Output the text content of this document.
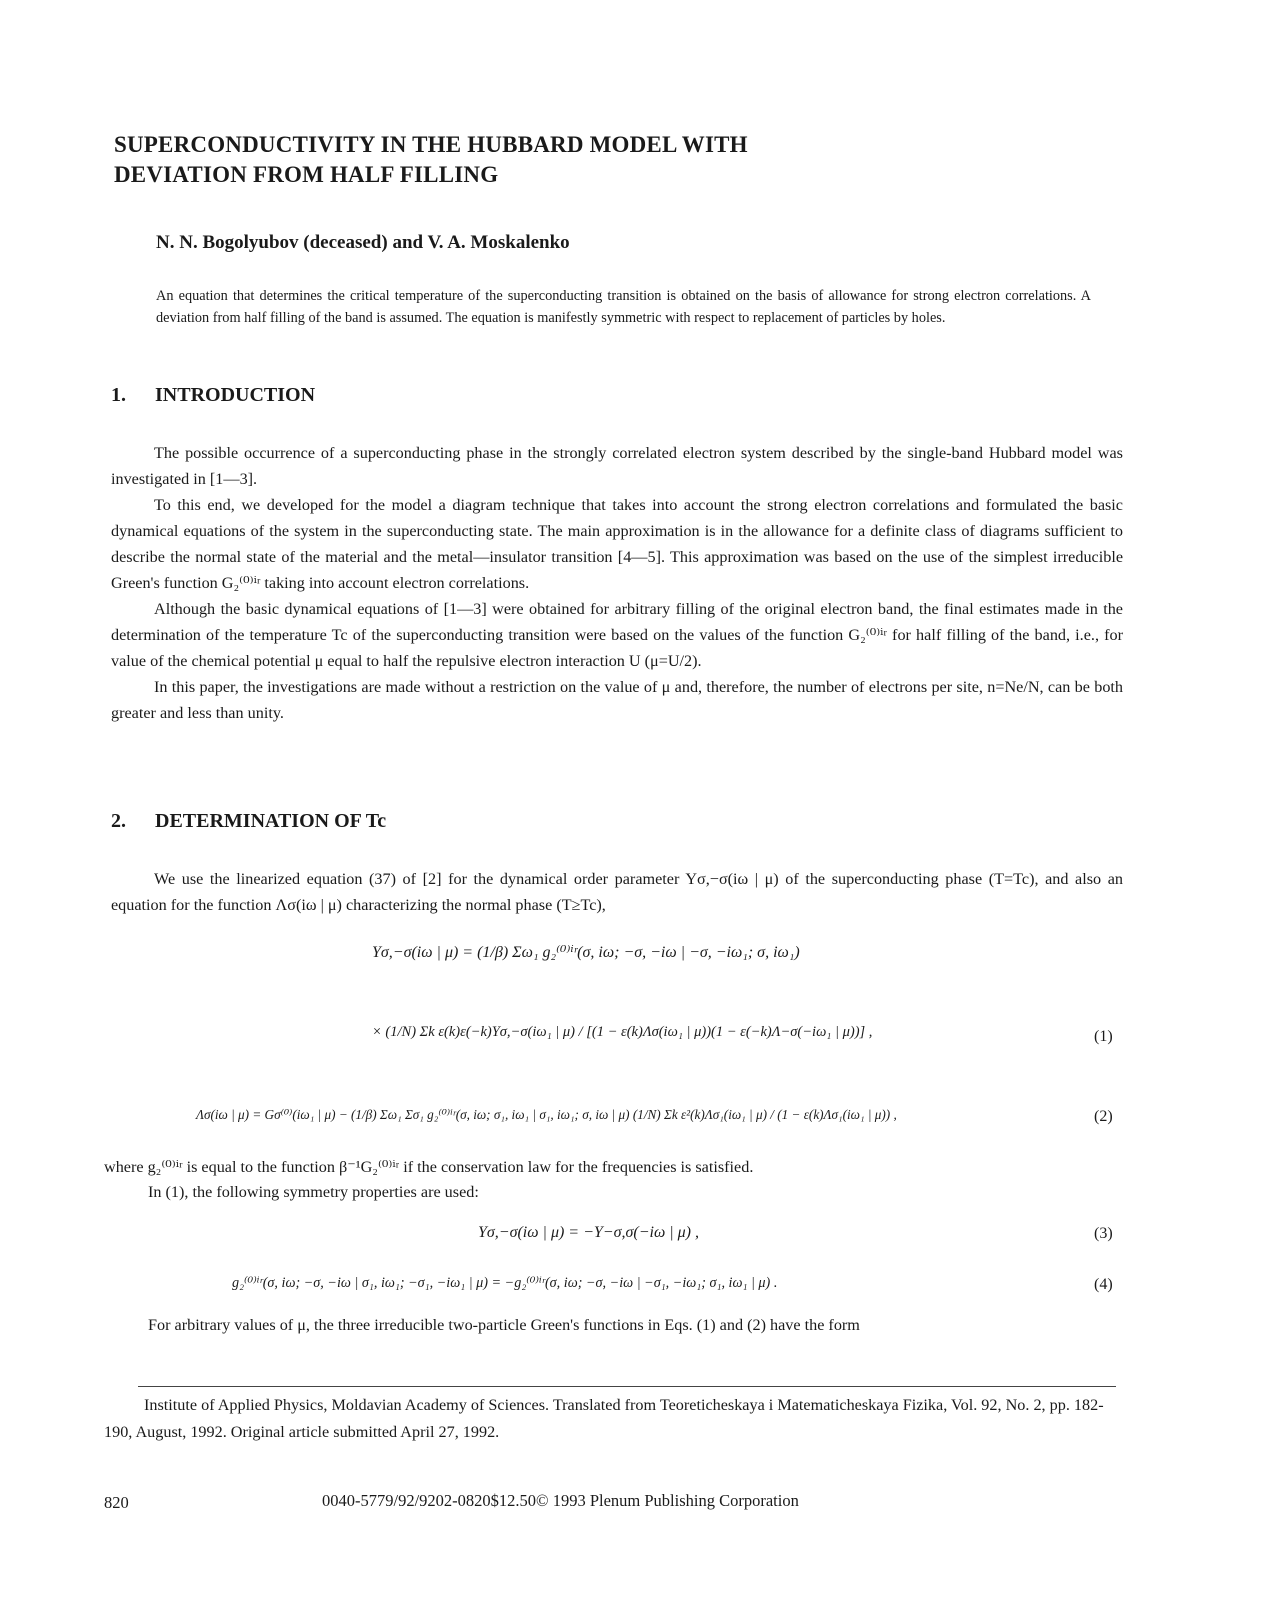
SUPERCONDUCTIVITY IN THE HUBBARD MODEL WITH
DEVIATION FROM HALF FILLING
N. N. Bogolyubov (deceased) and V. A. Moskalenko
An equation that determines the critical temperature of the superconducting transition is obtained on the basis of allowance for strong electron correlations. A deviation from half filling of the band is assumed. The equation is manifestly symmetric with respect to replacement of particles by holes.
1. INTRODUCTION

The possible occurrence of a superconducting phase in the strongly correlated electron system described by the single-band Hubbard model was investigated in [1—3].

To this end, we developed for the model a diagram technique that takes into account the strong electron correlations and formulated the basic dynamical equations of the system in the superconducting state. The main approximation is in the allowance for a definite class of diagrams sufficient to describe the normal state of the material and the metal—insulator transition [4—5]. This approximation was based on the use of the simplest irreducible Green's function G₂⁽⁰⁾ⁱʳ taking into account electron correlations.

Although the basic dynamical equations of [1—3] were obtained for arbitrary filling of the original electron band, the final estimates made in the determination of the temperature Tc of the superconducting transition were based on the values of the function G₂⁽⁰⁾ⁱʳ for half filling of the band, i.e., for value of the chemical potential μ equal to half the repulsive electron interaction U (μ=U/2).

In this paper, the investigations are made without a restriction on the value of μ and, therefore, the number of electrons per site, n=Ne/N, can be both greater and less than unity.

2. DETERMINATION OF Tc

We use the linearized equation (37) of [2] for the dynamical order parameter Yσ,−σ(iω | μ) of the superconducting phase (T=Tc), and also an equation for the function Λσ(iω | μ) characterizing the normal phase (T≥Tc),

Yσ,−σ(iω | μ) = (1/β) Σω₁ g₂⁽⁰⁾ⁱʳ(σ, iω; −σ, −iω | −σ, −iω₁; σ, iω₁)
× (1/N) Σk ε(k)ε(−k)Yσ,−σ(iω₁ | μ) / [(1 − ε(k)Λσ(iω₁ | μ))(1 − ε(−k)Λ−σ(−iω₁ | μ))] ,	(1)
Λσ(iω | μ) = Gσ⁽⁰⁾(iω₁ | μ) − (1/β) Σω₁ Σσ₁ g₂⁽⁰⁾ⁱʳ(σ, iω; σ₁, iω₁ | σ₁, iω₁; σ, iω | μ) (1/N) Σk ε²(k)Λσ₁(iω₁ | μ) / (1 − ε(k)Λσ₁(iω₁ | μ)) ,	(2)
where g₂⁽⁰⁾ⁱʳ is equal to the function β⁻¹G₂⁽⁰⁾ⁱʳ if the conservation law for the frequencies is satisfied.
In (1), the following symmetry properties are used:
Yσ,−σ(iω | μ) = −Y−σ,σ(−iω | μ) ,	(3)
g₂⁽⁰⁾ⁱʳ(σ, iω; −σ, −iω | σ₁, iω₁; −σ₁, −iω₁ | μ) = −g₂⁽⁰⁾ⁱʳ(σ, iω; −σ, −iω | −σ₁, −iω₁; σ₁, iω₁ | μ) .	(4)
For arbitrary values of μ, the three irreducible two-particle Green's functions in Eqs. (1) and (2) have the form
Institute of Applied Physics, Moldavian Academy of Sciences. Translated from Teoreticheskaya i Matematicheskaya Fizika, Vol. 92, No. 2, pp. 182-190, August, 1992. Original article submitted April 27, 1992.
820	0040-5779/92/9202-0820$12.50© 1993 Plenum Publishing Corporation
